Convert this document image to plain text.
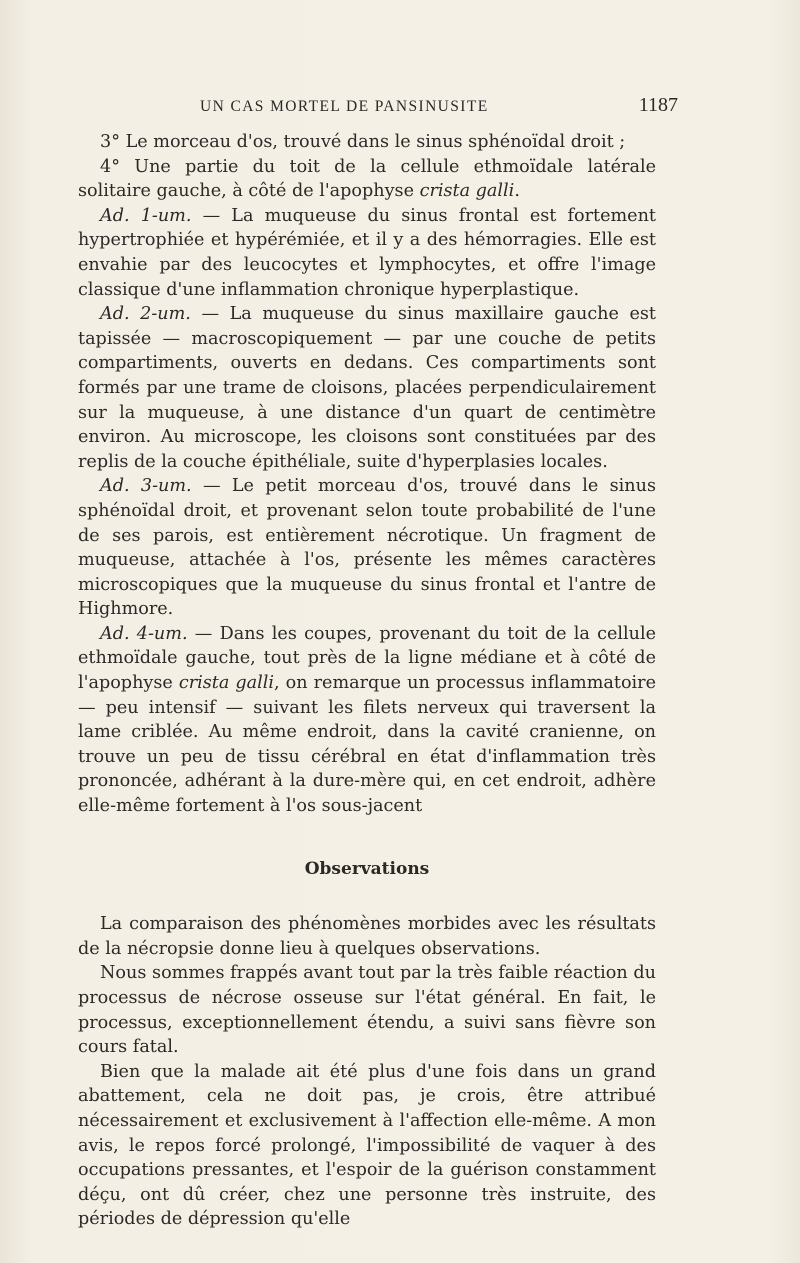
UN CAS MORTEL DE PANSINUSITE	1187

3° Le morceau d'os, trouvé dans le sinus sphénoïdal droit ;

4° Une partie du toit de la cellule ethmoïdale latérale solitaire gauche, à côté de l'apophyse crista galli.

Ad. 1-um. — La muqueuse du sinus frontal est fortement hypertrophiée et hypérémiée, et il y a des hémorragies. Elle est envahie par des leucocytes et lymphocytes, et offre l'image classique d'une inflammation chronique hyperplastique.

Ad. 2-um. — La muqueuse du sinus maxillaire gauche est tapissée — macroscopiquement — par une couche de petits compartiments, ouverts en dedans. Ces compartiments sont formés par une trame de cloisons, placées perpendiculairement sur la muqueuse, à une distance d'un quart de centimètre environ. Au microscope, les cloisons sont constituées par des replis de la couche épithéliale, suite d'hyperplasies locales.

Ad. 3-um. — Le petit morceau d'os, trouvé dans le sinus sphénoïdal droit, et provenant selon toute probabilité de l'une de ses parois, est entièrement nécrotique. Un fragment de muqueuse, attachée à l'os, présente les mêmes caractères microscopiques que la muqueuse du sinus frontal et l'antre de Highmore.

Ad. 4-um. — Dans les coupes, provenant du toit de la cellule ethmoïdale gauche, tout près de la ligne médiane et à côté de l'apophyse crista galli, on remarque un processus inflammatoire — peu intensif — suivant les filets nerveux qui traversent la lame criblée. Au même endroit, dans la cavité cranienne, on trouve un peu de tissu cérébral en état d'inflammation très prononcée, adhérant à la dure-mère qui, en cet endroit, adhère elle-même fortement à l'os sous-jacent

Observations

La comparaison des phénomènes morbides avec les résultats de la nécropsie donne lieu à quelques observations.

Nous sommes frappés avant tout par la très faible réaction du processus de nécrose osseuse sur l'état général. En fait, le processus, exceptionnellement étendu, a suivi sans fièvre son cours fatal.

Bien que la malade ait été plus d'une fois dans un grand abattement, cela ne doit pas, je crois, être attribué nécessairement et exclusivement à l'affection elle-même. A mon avis, le repos forcé prolongé, l'impossibilité de vaquer à des occupations pressantes, et l'espoir de la guérison constamment déçu, ont dû créer, chez une personne très instruite, des périodes de dépression qu'elle
